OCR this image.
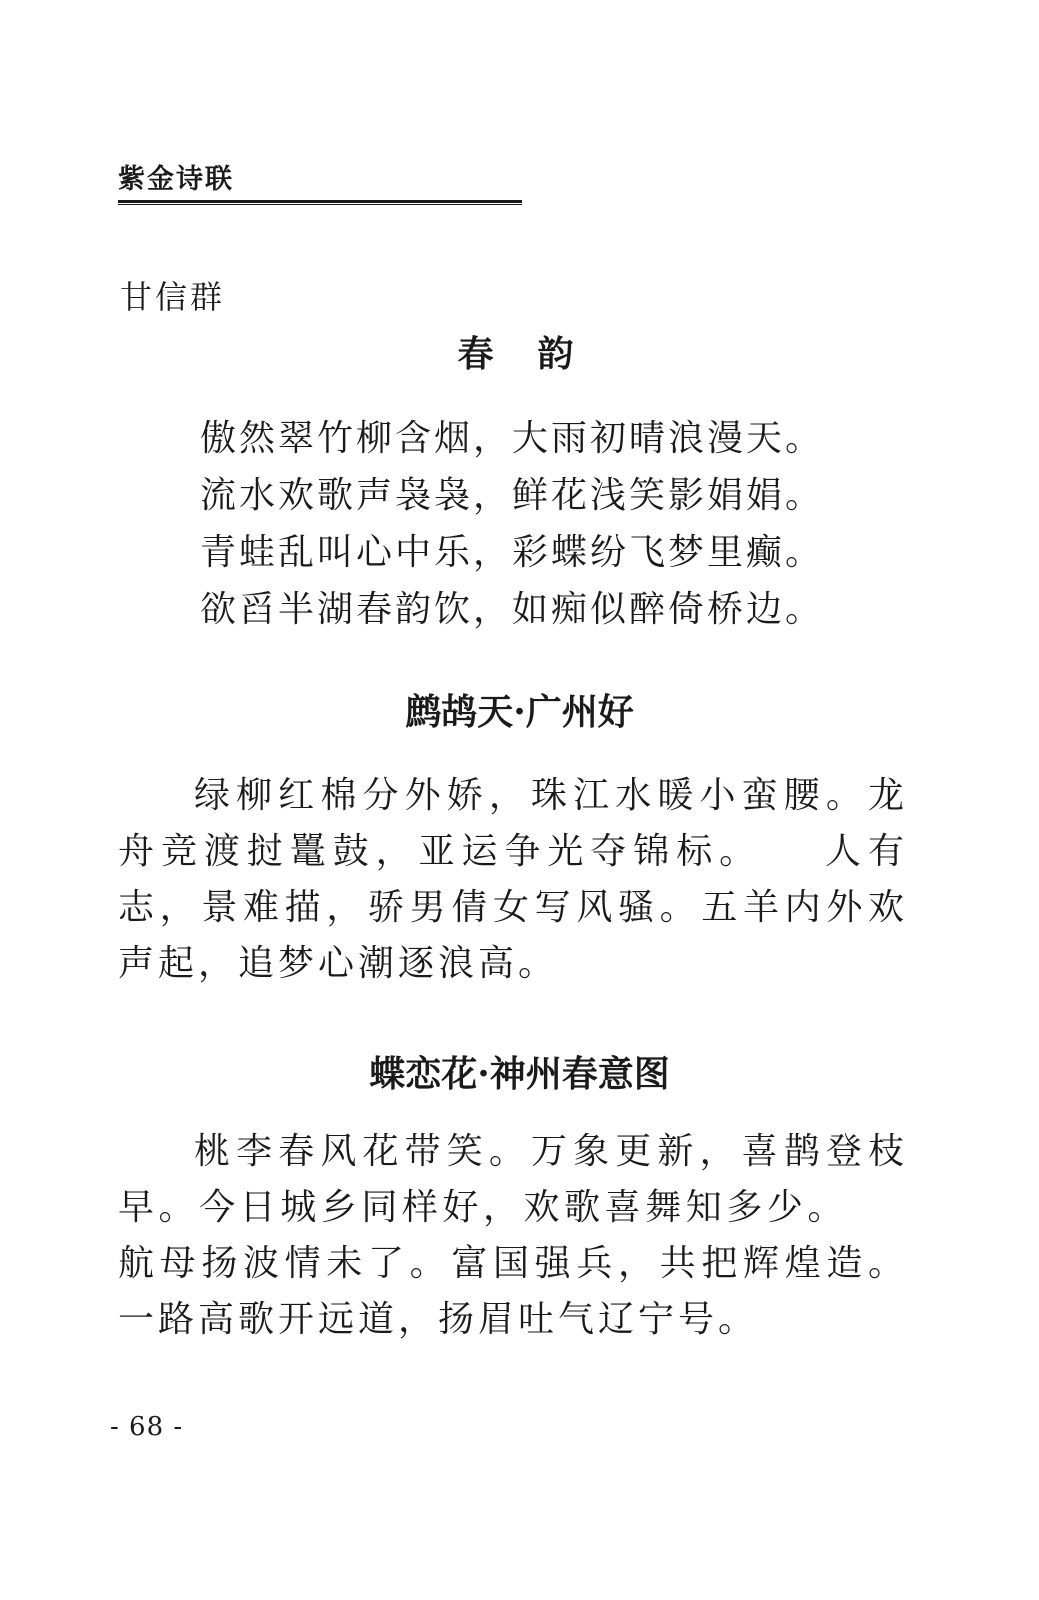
紫金诗联
甘信群
春韵
傲然翠竹柳含烟，大雨初晴浪漫天。
流水欢歌声袅袅，鲜花浅笑影娟娟。
青蛙乱叫心中乐，彩蝶纷飞梦里癫。
欲舀半湖春韵饮，如痴似醉倚桥边。
鹧鸪天·广州好

绿柳红棉分外娇，珠江水暖小蛮腰。龙舟竞渡挝鼍鼓，亚运争光夺锦标。 人有志，景难描，骄男倩女写风骚。五羊内外欢声起，追梦心潮逐浪高。

蝶恋花·神州春意图

桃李春风花带笑。万象更新，喜鹊登枝早。今日城乡同样好，欢歌喜舞知多少。航母扬波情未了。富国强兵，共把辉煌造。一路高歌开远道，扬眉吐气辽宁号。

- 68 -
